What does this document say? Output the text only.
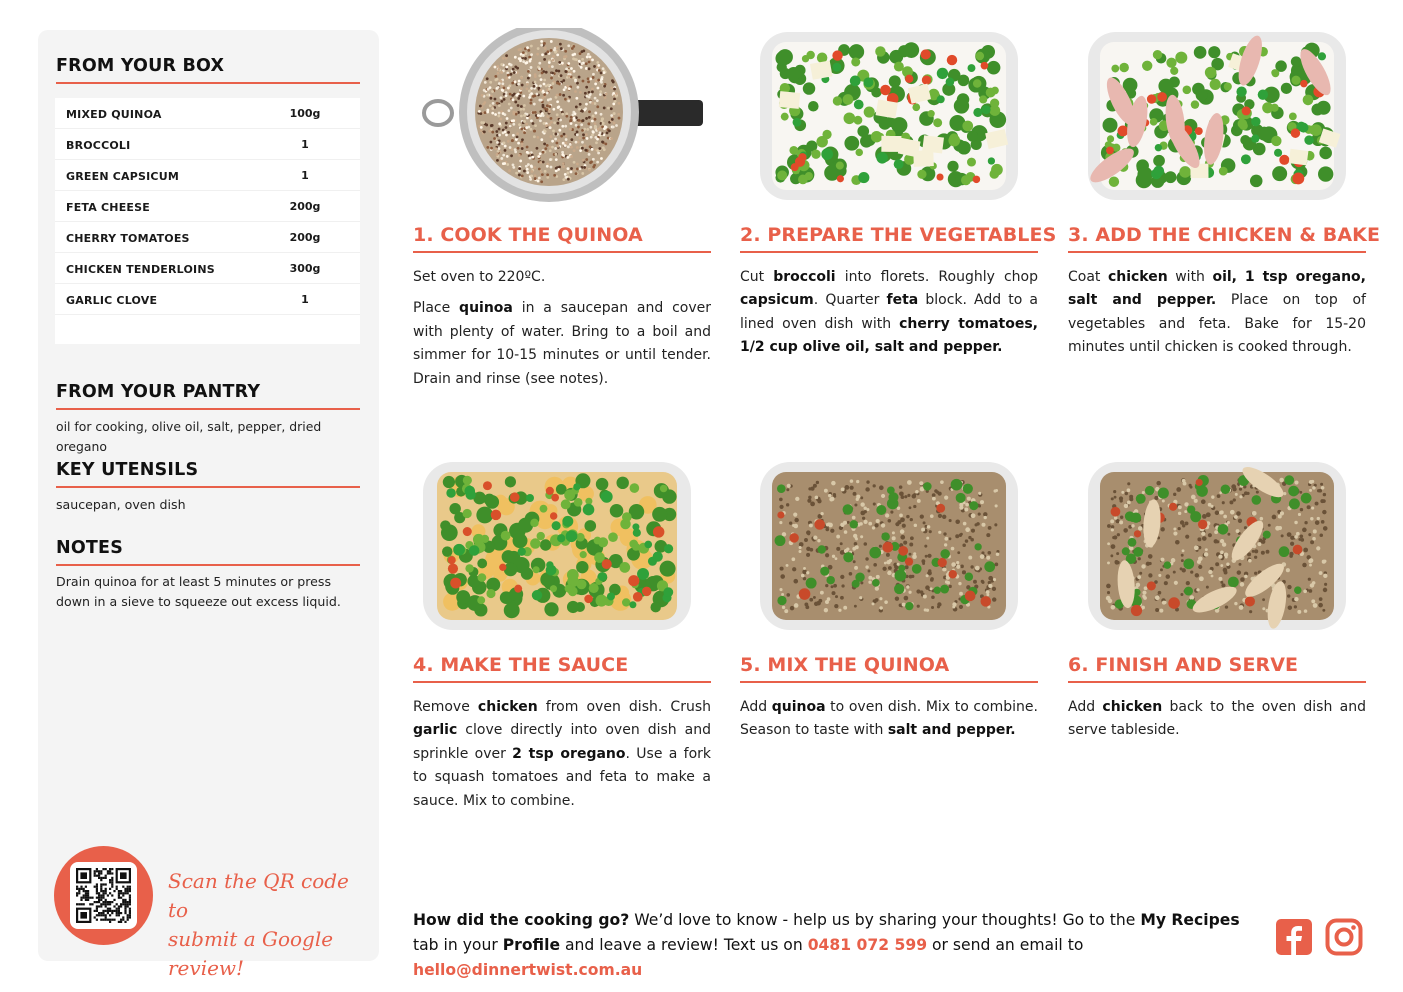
FROM YOUR BOX
MIXED QUINOA	100g
BROCCOLI	1
GREEN CAPSICUM	1
FETA CHEESE	200g
CHERRY TOMATOES	200g
CHICKEN TENDERLOINS	300g
GARLIC CLOVE	1
FROM YOUR PANTRY
oil for cooking, olive oil, salt, pepper, dried oregano
KEY UTENSILS
saucepan, oven dish
NOTES
Drain quinoa for at least 5 minutes or press down in a sieve to squeeze out excess liquid.
Scan the QR code to
submit a Google review!
1. COOK THE QUINOA

Set oven to 220ºC.

Place quinoa in a saucepan and cover with plenty of water. Bring to a boil and simmer for 10-15 minutes or until tender. Drain and rinse (see notes).

2. PREPARE THE VEGETABLES

Cut broccoli into florets. Roughly chop capsicum. Quarter feta block. Add to a lined oven dish with cherry tomatoes, 1/2 cup olive oil, salt and pepper.

3. ADD THE CHICKEN & BAKE

Coat chicken with oil, 1 tsp oregano, salt and pepper. Place on top of vegetables and feta. Bake for 15-20 minutes until chicken is cooked through.

4. MAKE THE SAUCE

Remove chicken from oven dish. Crush garlic clove directly into oven dish and sprinkle over 2 tsp oregano. Use a fork to squash tomatoes and feta to make a sauce. Mix to combine.

5. MIX THE QUINOA

Add quinoa to oven dish. Mix to combine. Season to taste with salt and pepper.

6. FINISH AND SERVE

Add chicken back to the oven dish and serve tableside.

How did the cooking go? We’d love to know - help us by sharing your thoughts! Go to the My Recipes tab in your Profile and leave a review! Text us on 0481 072 599 or send an email to hello@dinnertwist.com.au
